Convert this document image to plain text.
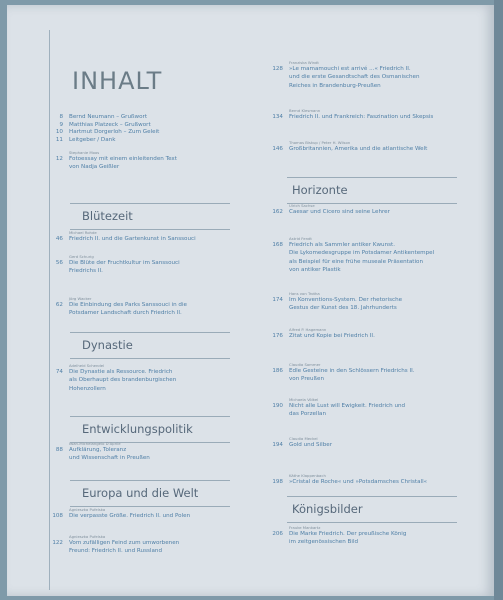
INHALT
8 Bernd Neumann – Grußwort
9 Matthias Platzeck – Grußwort
10 Hartmut Dorgerloh – Zum Geleit
11 Leitgeber / Dank
Stephanie Moos
12 Fotoessay mit einem einleitenden Text
von Nadja Geißler
Blütezeit
Michael Rohde
46 Friedrich II. und die Gartenkunst in Sanssouci
Gerd Schurig
56 Die Blüte der Fruchtkultur im Sanssouci
Friedrichs II.
Jörg Wacker
62 Die Einbindung des Parks Sanssouci in die
Potsdamer Landschaft durch Friedrich II.
Dynastie
Adelheid Schendel
74 Die Dynastie als Ressource. Friedrich
als Oberhaupt des brandenburgischen
Hohenzollern
Entwicklungspolitik
Iwan-Michelangelo D'Aprile
88 Aufklärung, Toleranz
und Wissenschaft in Preußen
Europa und die Welt
Agnieszka Pufelska
108 Die verpasste Größe. Friedrich II. und Polen
Agnieszka Pufelska
122 Vom zufälligen Feind zum umworbenen
Freund: Friedrich II. und Russland
Franziska Windt
128 »Le mamamouchi est arrivé ...« Friedrich II.
und die erste Gesandtschaft des Osmanischen
Reiches in Brandenburg-Preußen
Bernd Klesmann
134 Friedrich II. und Frankreich: Faszination und Skepsis
Thomas Biskup / Peter H. Wilson
146 Großbritannien, Amerika und die atlantische Welt
Horizonte
Ulrich Sachse
162 Caesar und Cicero sind seine Lehrer
Astrid Fendt
168 Friedrich als Sammler antiker Kwunst.
Die Lykomedesgruppe im Potsdamer Antikentempel
als Beispiel für eine frühe museale Präsentation
von antiker Plastik
Hans von Trotha
174 Im Konventions-System. Der rhetorische
Gestus der Kunst des 18. Jahrhunderts
Alfred P. Hagemann
176 Zitat und Kopie bei Friedrich II.
Claudia Sommer
186 Edle Gesteine in den Schlössern Friedrichs II.
von Preußen
Michaela Völkel
190 Nicht alle Lust will Ewigkeit. Friedrich und
das Porzellan
Claudia Meckel
194 Gold und Silber
Käthe Klappenbach
198 »Cristal de Roche« und »Potsdamsches Christall«
Königsbilder
Frauke Mankartz
206 Die Marke Friedrich. Der preußische König
im zeitgenössischen Bild
